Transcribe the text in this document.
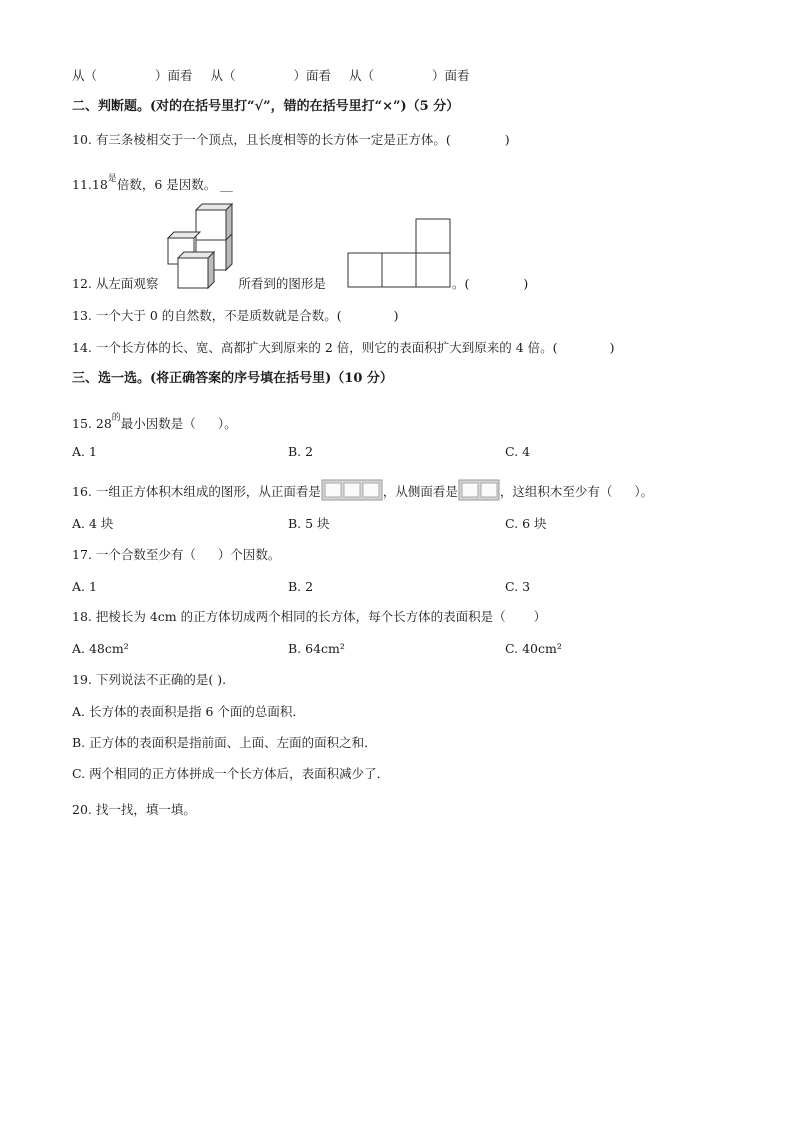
从（	）面看 从（	）面看 从（	）面看
二、判断题。(对的在括号里打“√”，错的在括号里打“×”)（5 分）
10. 有三条棱相交于一个顶点，且长度相等的长方体一定是正方体。(	)
$11.18^是$倍数，6 是因数。 __
12. 从左面观察	所看到的图形是	。(	)
13. 一个大于 0 的自然数，不是质数就是合数。(	)
14. 一个长方体的长、宽、高都扩大到原来的 2 倍，则它的表面积扩大到原来的 4 倍。(	)
三、选一选。(将正确答案的序号填在括号里)（10 分）
15. $28^的$最小因数是（ ）。
A. 1	B. 2	C. 4
16. 一组正方体积木组成的图形，从正面看是	，从侧面看是	，这组积木至少有（ ）。
A. 4 块	B. 5 块	C. 6 块
17. 一个合数至少有（ ）个因数。
A. 1	B. 2	C. 3
18. 把棱长为 4cm 的正方体切成两个相同的长方体，每个长方体的表面积是（ ）
A. 48cm²	B. 64cm²	C. 40cm²
19. 下列说法不正确的是( ).
A. 长方体的表面积是指 6 个面的总面积．
B. 正方体的表面积是指前面、上面、左面的面积之和．
C. 两个相同的正方体拼成一个长方体后，表面积减少了．
20. 找一找，填一填。
